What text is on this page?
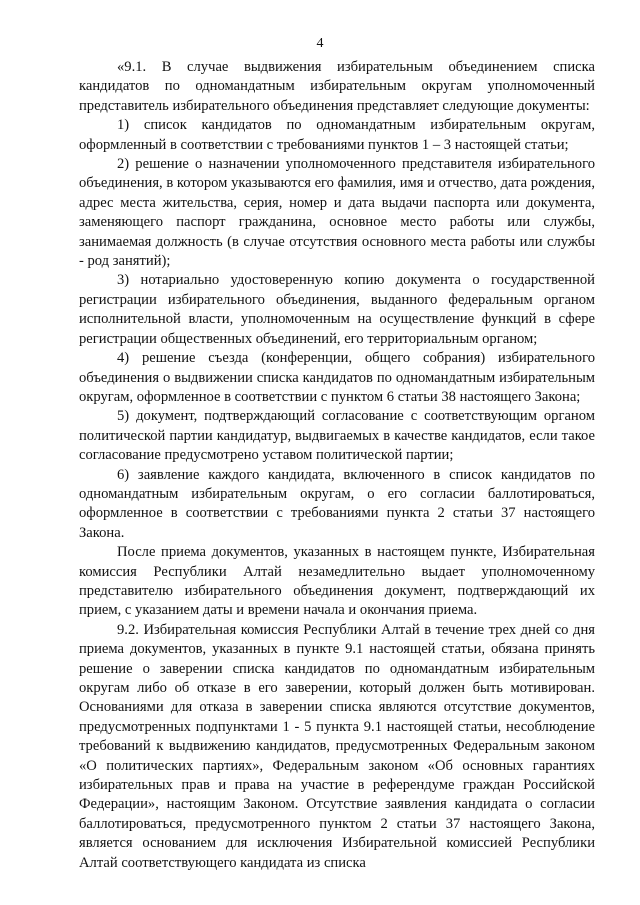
4

«9.1. В случае выдвижения избирательным объединением списка кандидатов по одномандатным избирательным округам уполномоченный представитель избирательного объединения представляет следующие документы:

1) список кандидатов по одномандатным избирательным округам, оформленный в соответствии с требованиями пунктов 1 – 3 настоящей статьи;

2) решение о назначении уполномоченного представителя избирательного объединения, в котором указываются его фамилия, имя и отчество, дата рождения, адрес места жительства, серия, номер и дата выдачи паспорта или документа, заменяющего паспорт гражданина, основное место работы или службы, занимаемая должность (в случае отсутствия основного места работы или службы - род занятий);

3) нотариально удостоверенную копию документа о государственной регистрации избирательного объединения, выданного федеральным органом исполнительной власти, уполномоченным на осуществление функций в сфере регистрации общественных объединений, его территориальным органом;

4) решение съезда (конференции, общего собрания) избирательного объединения о выдвижении списка кандидатов по одномандатным избирательным округам, оформленное в соответствии с пунктом 6 статьи 38 настоящего Закона;

5) документ, подтверждающий согласование с соответствующим органом политической партии кандидатур, выдвигаемых в качестве кандидатов, если такое согласование предусмотрено уставом политической партии;

6) заявление каждого кандидата, включенного в список кандидатов по одномандатным избирательным округам, о его согласии баллотироваться, оформленное в соответствии с требованиями пункта 2 статьи 37 настоящего Закона.

После приема документов, указанных в настоящем пункте, Избирательная комиссия Республики Алтай незамедлительно выдает уполномоченному представителю избирательного объединения документ, подтверждающий их прием, с указанием даты и времени начала и окончания приема.

9.2. Избирательная комиссия Республики Алтай в течение трех дней со дня приема документов, указанных в пункте 9.1 настоящей статьи, обязана принять решение о заверении списка кандидатов по одномандатным избирательным округам либо об отказе в его заверении, который должен быть мотивирован. Основаниями для отказа в заверении списка являются отсутствие документов, предусмотренных подпунктами 1 - 5 пункта 9.1 настоящей статьи, несоблюдение требований к выдвижению кандидатов, предусмотренных Федеральным законом «О политических партиях», Федеральным законом «Об основных гарантиях избирательных прав и права на участие в референдуме граждан Российской Федерации», настоящим Законом. Отсутствие заявления кандидата о согласии баллотироваться, предусмотренного пунктом 2 статьи 37 настоящего Закона, является основанием для исключения Избирательной комиссией Республики Алтай соответствующего кандидата из списка
